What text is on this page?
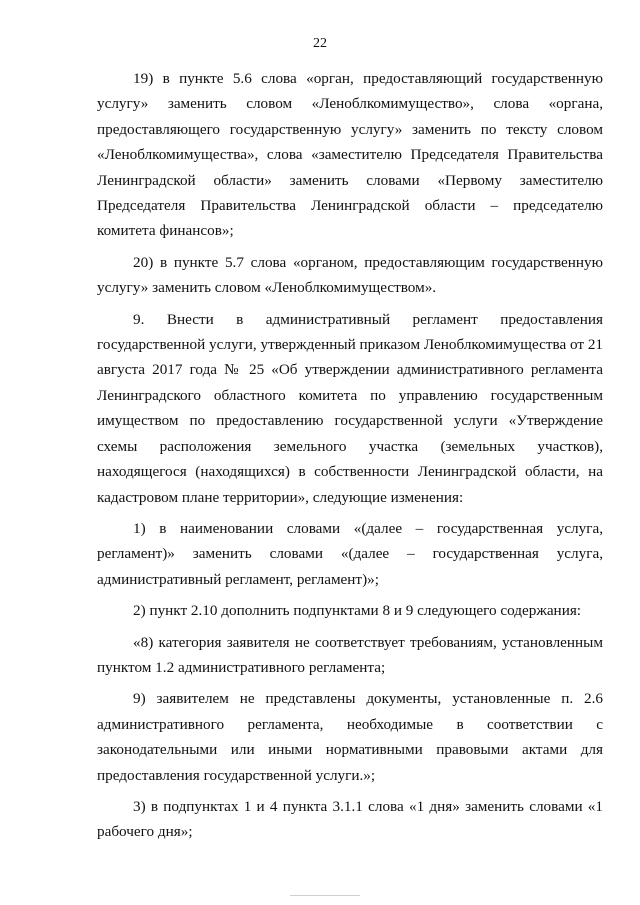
22

19) в пункте 5.6 слова «орган, предоставляющий государственную услугу» заменить словом «Леноблкомимущество», слова «органа, предоставляющего государственную услугу» заменить по тексту словом «Леноблкомимущества», слова «заместителю Председателя Правительства Ленинградской области» заменить словами «Первому заместителю Председателя Правительства Ленинградской области – председателю комитета финансов»;

20) в пункте 5.7 слова «органом, предоставляющим государственную услугу» заменить словом «Леноблкомимуществом».

9. Внести в административный регламент предоставления государственной услуги, утвержденный приказом Леноблкомимущества от 21 августа 2017 года № 25 «Об утверждении административного регламента Ленинградского областного комитета по управлению государственным имуществом по предоставлению государственной услуги «Утверждение схемы расположения земельного участка (земельных участков), находящегося (находящихся) в собственности Ленинградской области, на кадастровом плане территории», следующие изменения:

1) в наименовании словами «(далее – государственная услуга, регламент)» заменить словами «(далее – государственная услуга, административный регламент, регламент)»;

2) пункт 2.10 дополнить подпунктами 8 и 9 следующего содержания:

«8) категория заявителя не соответствует требованиям, установленным пунктом 1.2 административного регламента;

9) заявителем не представлены документы, установленные п. 2.6 административного регламента, необходимые в соответствии с законодательными или иными нормативными правовыми актами для предоставления государственной услуги.»;

3) в подпунктах 1 и 4 пункта 3.1.1 слова «1 дня» заменить словами «1 рабочего дня»;
